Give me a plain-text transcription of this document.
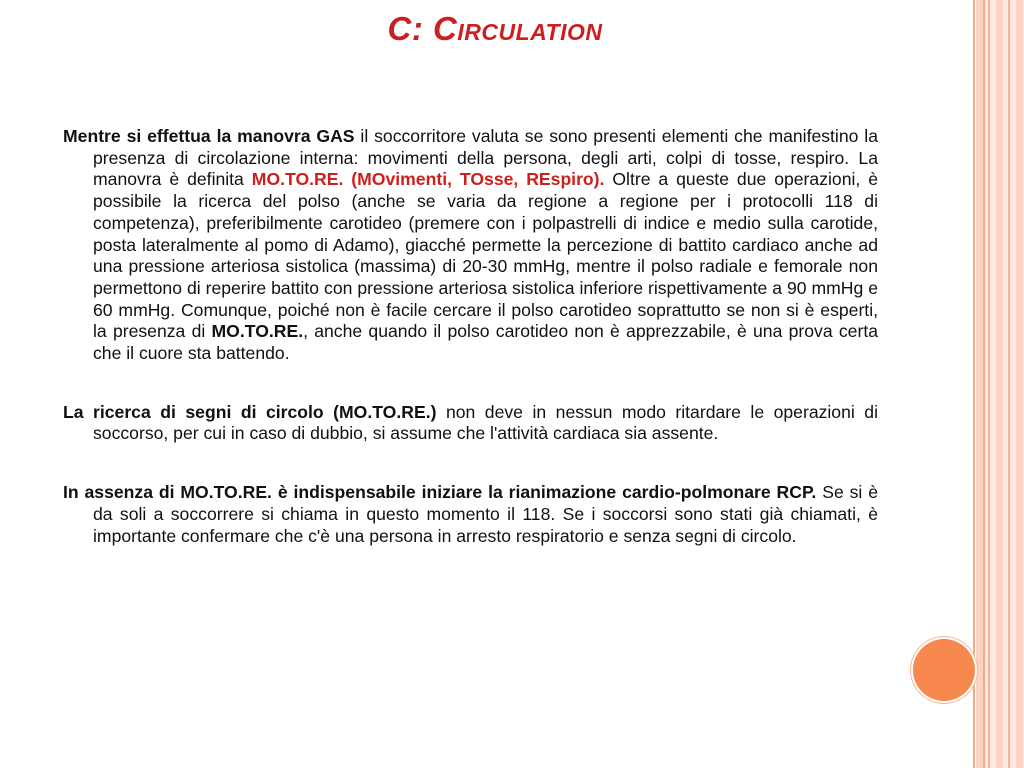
C: Circulation

Mentre si effettua la manovra GAS il soccorritore valuta se sono presenti elementi che manifestino la presenza di circolazione interna: movimenti della persona, degli arti, colpi di tosse, respiro. La manovra è definita MO.TO.RE. (MOvimenti, TOsse, REspiro). Oltre a queste due operazioni, è possibile la ricerca del polso (anche se varia da regione a regione per i protocolli 118 di competenza), preferibilmente carotideo (premere con i polpastrelli di indice e medio sulla carotide, posta lateralmente al pomo di Adamo), giacché permette la percezione di battito cardiaco anche ad una pressione arteriosa sistolica (massima) di 20-30 mmHg, mentre il polso radiale e femorale non permettono di reperire battito con pressione arteriosa sistolica inferiore rispettivamente a 90 mmHg e 60 mmHg. Comunque, poiché non è facile cercare il polso carotideo soprattutto se non si è esperti, la presenza di MO.TO.RE., anche quando il polso carotideo non è apprezzabile, è una prova certa che il cuore sta battendo.

La ricerca di segni di circolo (MO.TO.RE.) non deve in nessun modo ritardare le operazioni di soccorso, per cui in caso di dubbio, si assume che l'attività cardiaca sia assente.

In assenza di MO.TO.RE. è indispensabile iniziare la rianimazione cardio-polmonare RCP. Se si è da soli a soccorrere si chiama in questo momento il 118. Se i soccorsi sono stati già chiamati, è importante confermare che c'è una persona in arresto respiratorio e senza segni di circolo.
